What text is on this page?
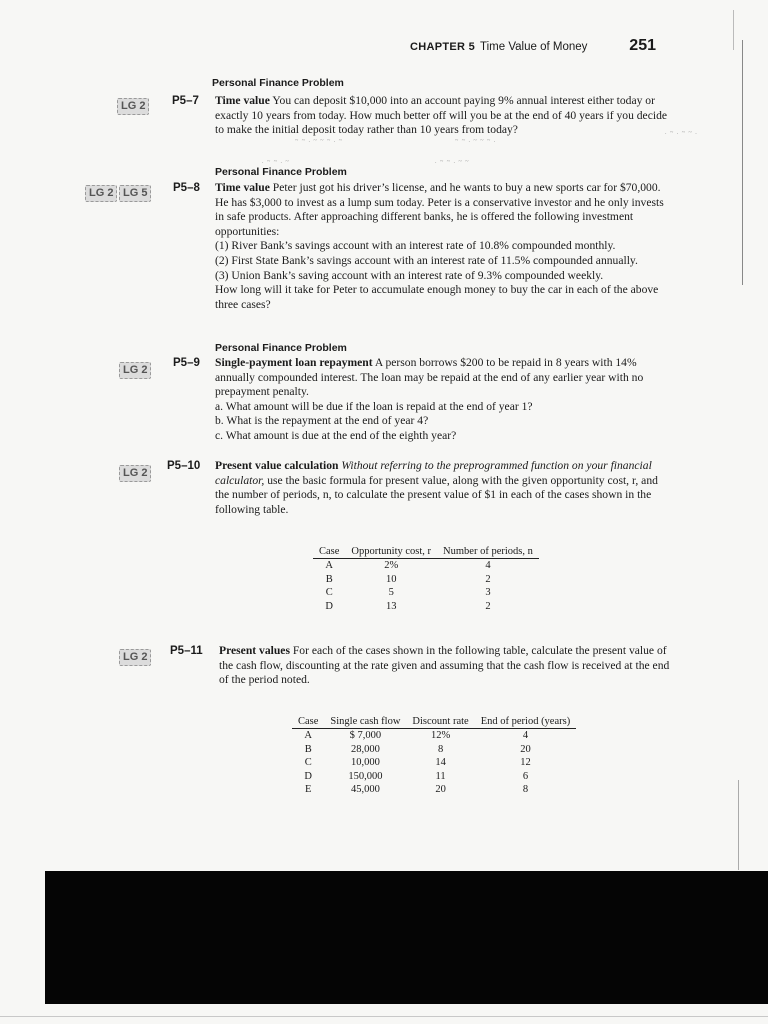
CHAPTER 5 Time Value of Money	251
Personal Finance Problem
LG 2	P5–7 Time value You can deposit $10,000 into an account paying 9% annual interest either today or exactly 10 years from today. How much better off will you be at the end of 40 years if you decide to make the initial deposit today rather than 10 years from today?

~ ~ . ~ ~ ~ . ~	~ ~ . ~ ~ ~ .
. ~ . ~ ~ .
. ~ ~ . ~	. ~ ~ . ~ ~
Personal Finance Problem
LG 2 LG 5	P5–8 Time value Peter just got his driver’s license, and he wants to buy a new sports car for $70,000. He has $3,000 to invest as a lump sum today. Peter is a conservative investor and he only invests in safe products. After approaching different banks, he is offered the following investment opportunities:

(1) River Bank’s savings account with an interest rate of 10.8% compounded monthly.

(2) First State Bank’s savings account with an interest rate of 11.5% compounded annually.

(3) Union Bank’s saving account with an interest rate of 9.3% compounded weekly.

How long will it take for Peter to accumulate enough money to buy the car in each of the above three cases?

Personal Finance Problem
LG 2
P5–9 Single-payment loan repayment A person borrows $200 to be repaid in 8 years with 14% annually compounded interest. The loan may be repaid at the end of any earlier year with no prepayment penalty.

a. What amount will be due if the loan is repaid at the end of year 1?

b. What is the repayment at the end of year 4?

c. What amount is due at the end of the eighth year?

LG 2
P5–10 Present value calculation Without referring to the preprogrammed function on your financial calculator, use the basic formula for present value, along with the given opportunity cost, r, and the number of periods, n, to calculate the present value of $1 in each of the cases shown in the following table.

Case	Opportunity cost, r	Number of periods, n
A	2%	4
B	10	2
C	5	3
D	13	2
LG 2	P5–11 Present values For each of the cases shown in the following table, calculate the present value of the cash flow, discounting at the rate given and assuming that the cash flow is received at the end of the period noted.

Case	Single cash flow	Discount rate	End of period (years)
A	$ 7,000	12%	4
B	28,000	8	20
C	10,000	14	12
D	150,000	11	6
E	45,000	20	8
